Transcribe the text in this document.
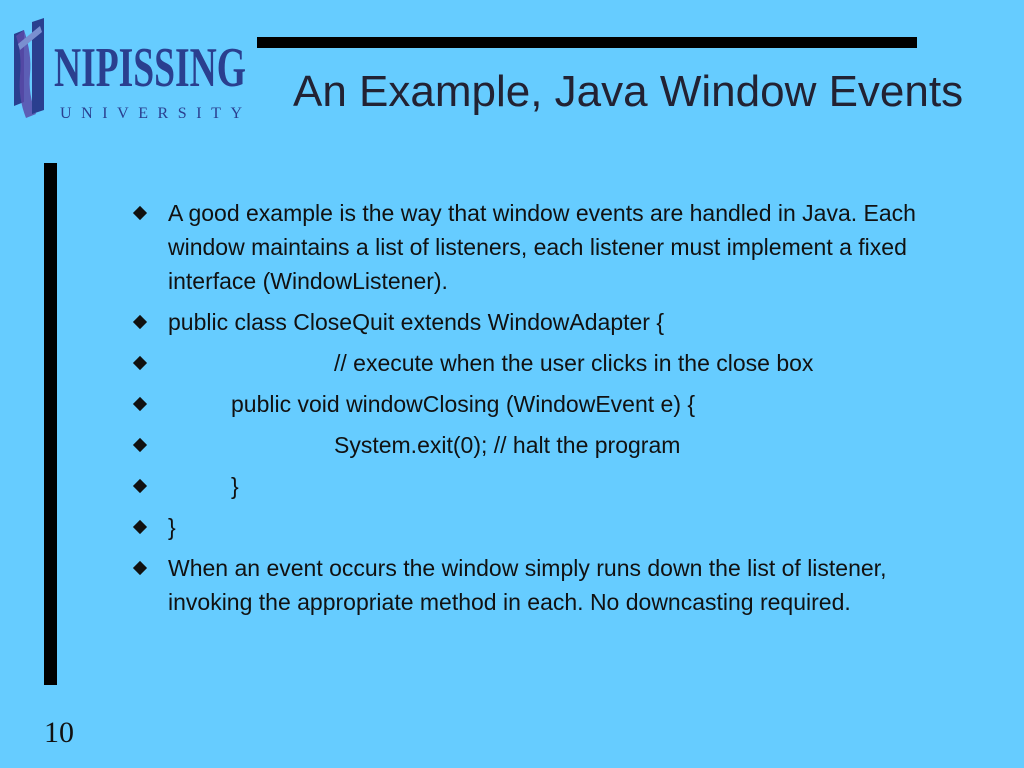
NIPISSING
UNIVERSITY An Example, Java Window Events
A good example is the way that window events are handled in Java. Each window maintains a list of listeners, each listener must implement a fixed interface (WindowListener).
public class CloseQuit extends WindowAdapter {
// execute when the user clicks in the close box
public void windowClosing (WindowEvent e) {
System.exit(0); // halt the program
}
}
When an event occurs the window simply runs down the list of listener, invoking the appropriate method in each. No downcasting required.
10
